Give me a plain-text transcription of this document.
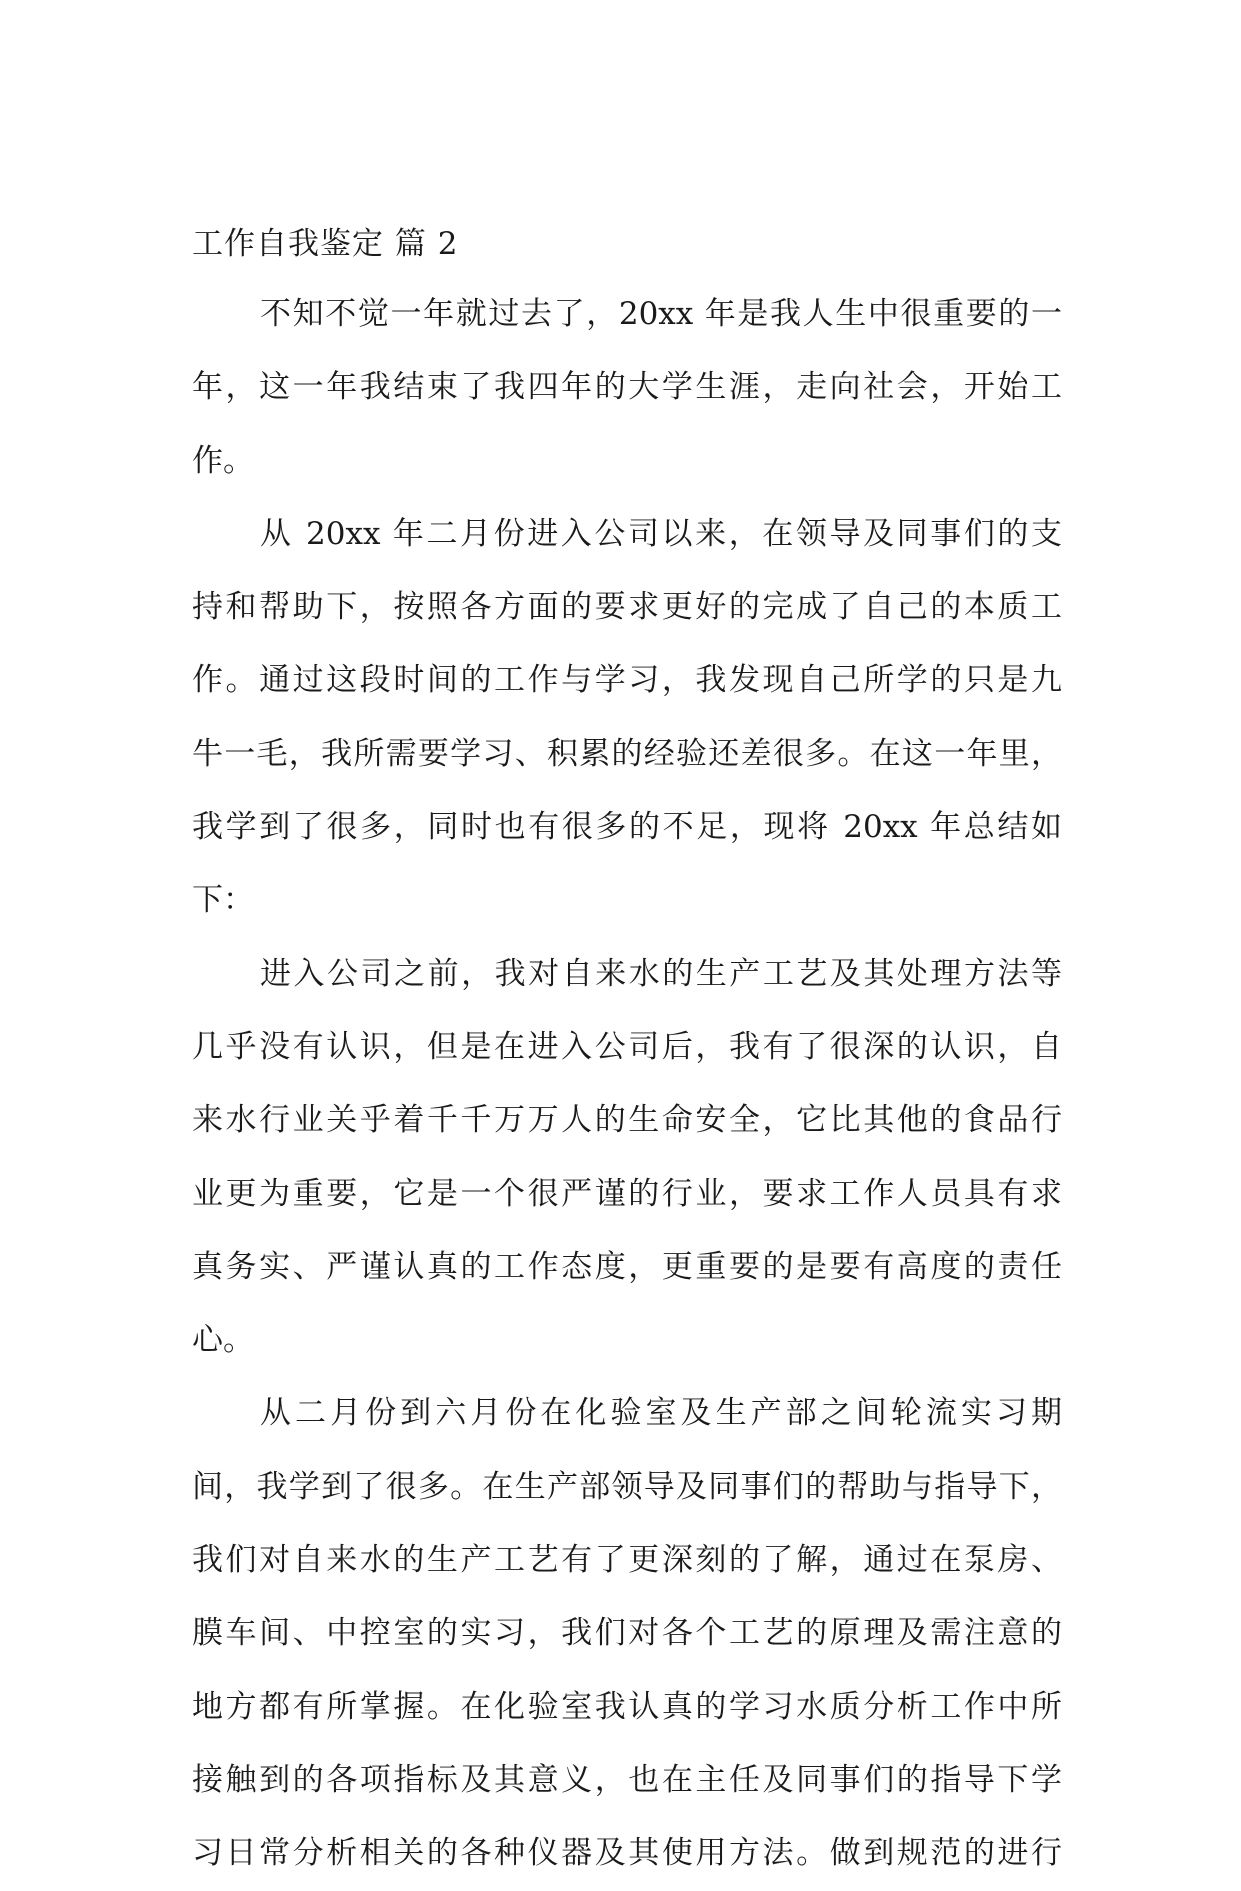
工作自我鉴定 篇 2
不知不觉一年就过去了，20xx 年是我人生中很重要的一
年，这一年我结束了我四年的大学生涯，走向社会，开始工
作。
从 20xx 年二月份进入公司以来，在领导及同事们的支
持和帮助下，按照各方面的要求更好的完成了自己的本质工
作。通过这段时间的工作与学习，我发现自己所学的只是九
牛一毛，我所需要学习、积累的经验还差很多。在这一年里，
我学到了很多，同时也有很多的不足，现将 20xx 年总结如
下：
进入公司之前，我对自来水的生产工艺及其处理方法等
几乎没有认识，但是在进入公司后，我有了很深的认识，自
来水行业关乎着千千万万人的生命安全，它比其他的食品行
业更为重要，它是一个很严谨的行业，要求工作人员具有求
真务实、严谨认真的工作态度，更重要的是要有高度的责任
心。
从二月份到六月份在化验室及生产部之间轮流实习期
间，我学到了很多。在生产部领导及同事们的帮助与指导下，
我们对自来水的生产工艺有了更深刻的了解，通过在泵房、
膜车间、中控室的实习，我们对各个工艺的原理及需注意的
地方都有所掌握。在化验室我认真的学习水质分析工作中所
接触到的各项指标及其意义，也在主任及同事们的指导下学
习日常分析相关的各种仪器及其使用方法。做到规范的进行
